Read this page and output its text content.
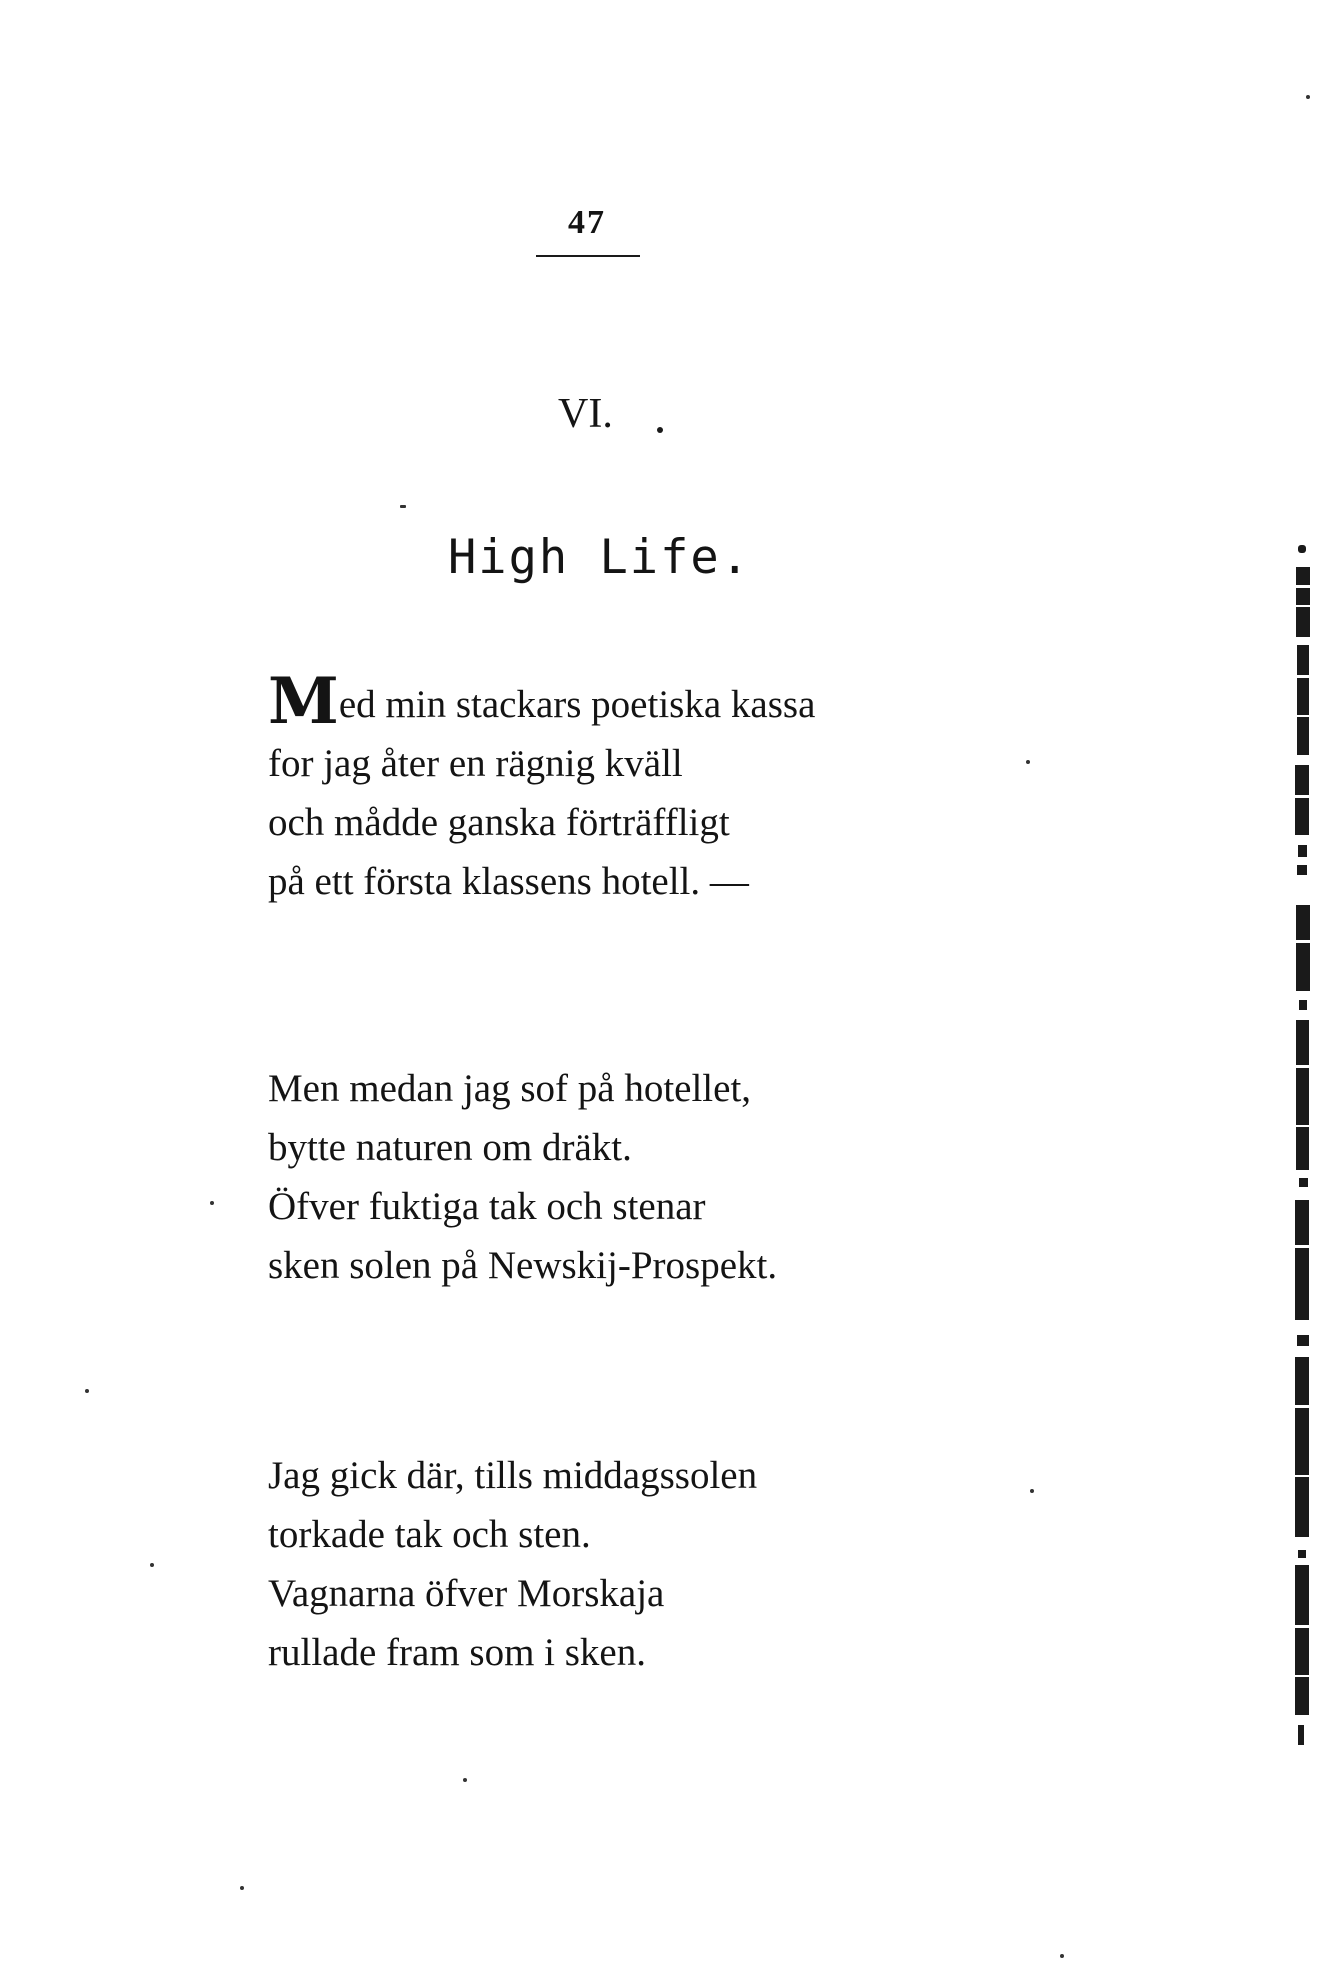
47
VI.
High Life.

Med min stackars poetiska kassa
for jag åter en rägnig kväll
och mådde ganska förträffligt
på ett första klassens hotell. —

Men medan jag sof på hotellet,
bytte naturen om dräkt.
Öfver fuktiga tak och stenar
sken solen på Newskij-Prospekt.

Jag gick där, tills middagssolen
torkade tak och sten.
Vagnarna öfver Morskaja
rullade fram som i sken.
